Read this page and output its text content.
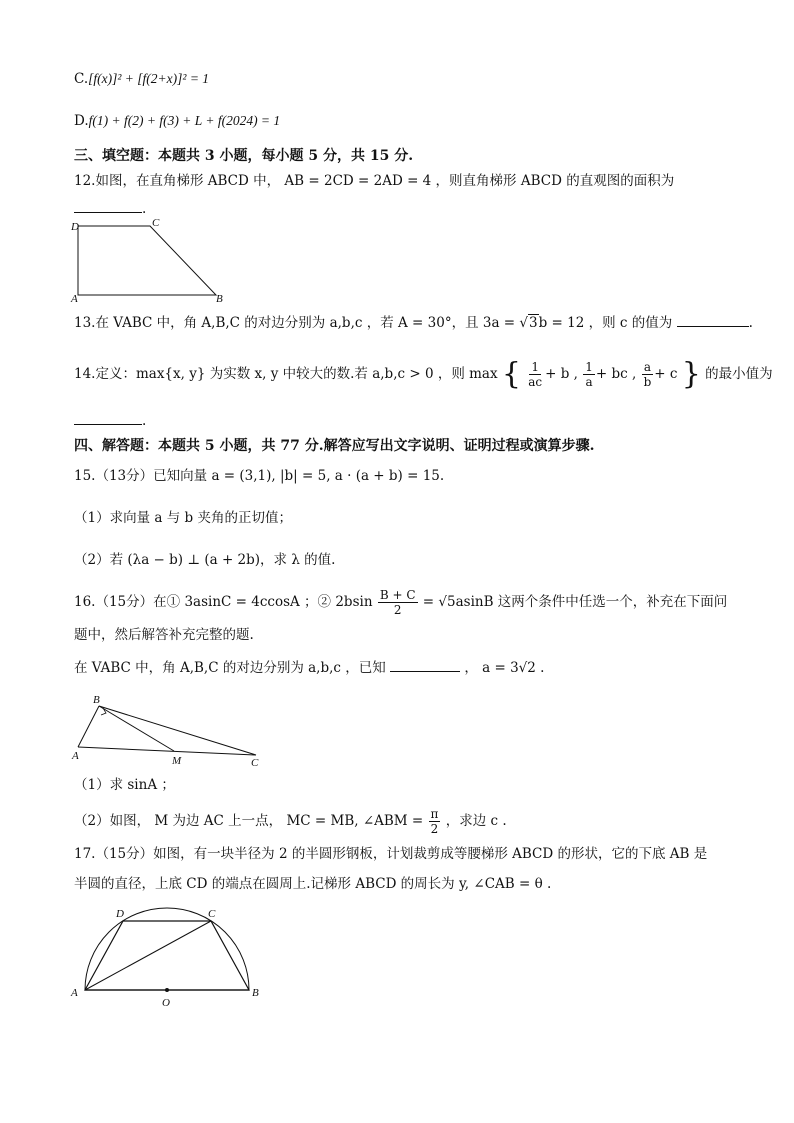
C.[f(x)]² + [f(2+x)]² = 1
D.f(1) + f(2) + f(3) + L + f(2024) = 1
三、填空题：本题共 3 小题，每小题 5 分，共 15 分.
12.如图，在直角梯形 ABCD 中， AB = 2CD = 2AD = 4 ，则直角梯形 ABCD 的直观图的面积为
.
D	C
A	B
13.在 VABC 中，角 A,B,C 的对边分别为 a,b,c ，若 A = 30°，且 3a = √3b = 12 ，则 c 的值为	.
14.定义：max{x, y} 为实数 x, y 中较大的数.若 a,b,c > 0 ，则 max { $\frac{1}{ac} + b$ , $\frac{1}{a}$ + bc , $\frac{a}{b} + c$ } 的最小值为
.
四、解答题：本题共 5 小题，共 77 分.解答应写出文字说明、证明过程或演算步骤.
15.（13分）已知向量 a = (3,1), |b| = 5, a · (a + b) = 15.
（1）求向量 a 与 b 夹角的正切值；
（2）若 (λa − b) ⊥ (a + 2b)，求 λ 的值.
16.（15分）在① 3asinC = 4ccosA ；② $2bsin \frac{B + C}{2} = √5asinB$ 这两个条件中任选一个，补充在下面问
题中，然后解答补充完整的题.
在 VABC 中，角 A,B,C 的对边分别为 a,b,c ，已知	， a = 3√2 .
B
A	M	C
（1）求 sinA ；
（2）如图， M 为边 AC 上一点， MC = MB, ∠ABM = $\frac{\pi}{2}$ ，求边 c .
17.（15分）如图，有一块半径为 2 的半圆形钢板，计划裁剪成等腰梯形 ABCD 的形状，它的下底 AB 是
半圆的直径，上底 CD 的端点在圆周上.记梯形 ABCD 的周长为 y, ∠CAB = θ .
D	C
A	B
O
